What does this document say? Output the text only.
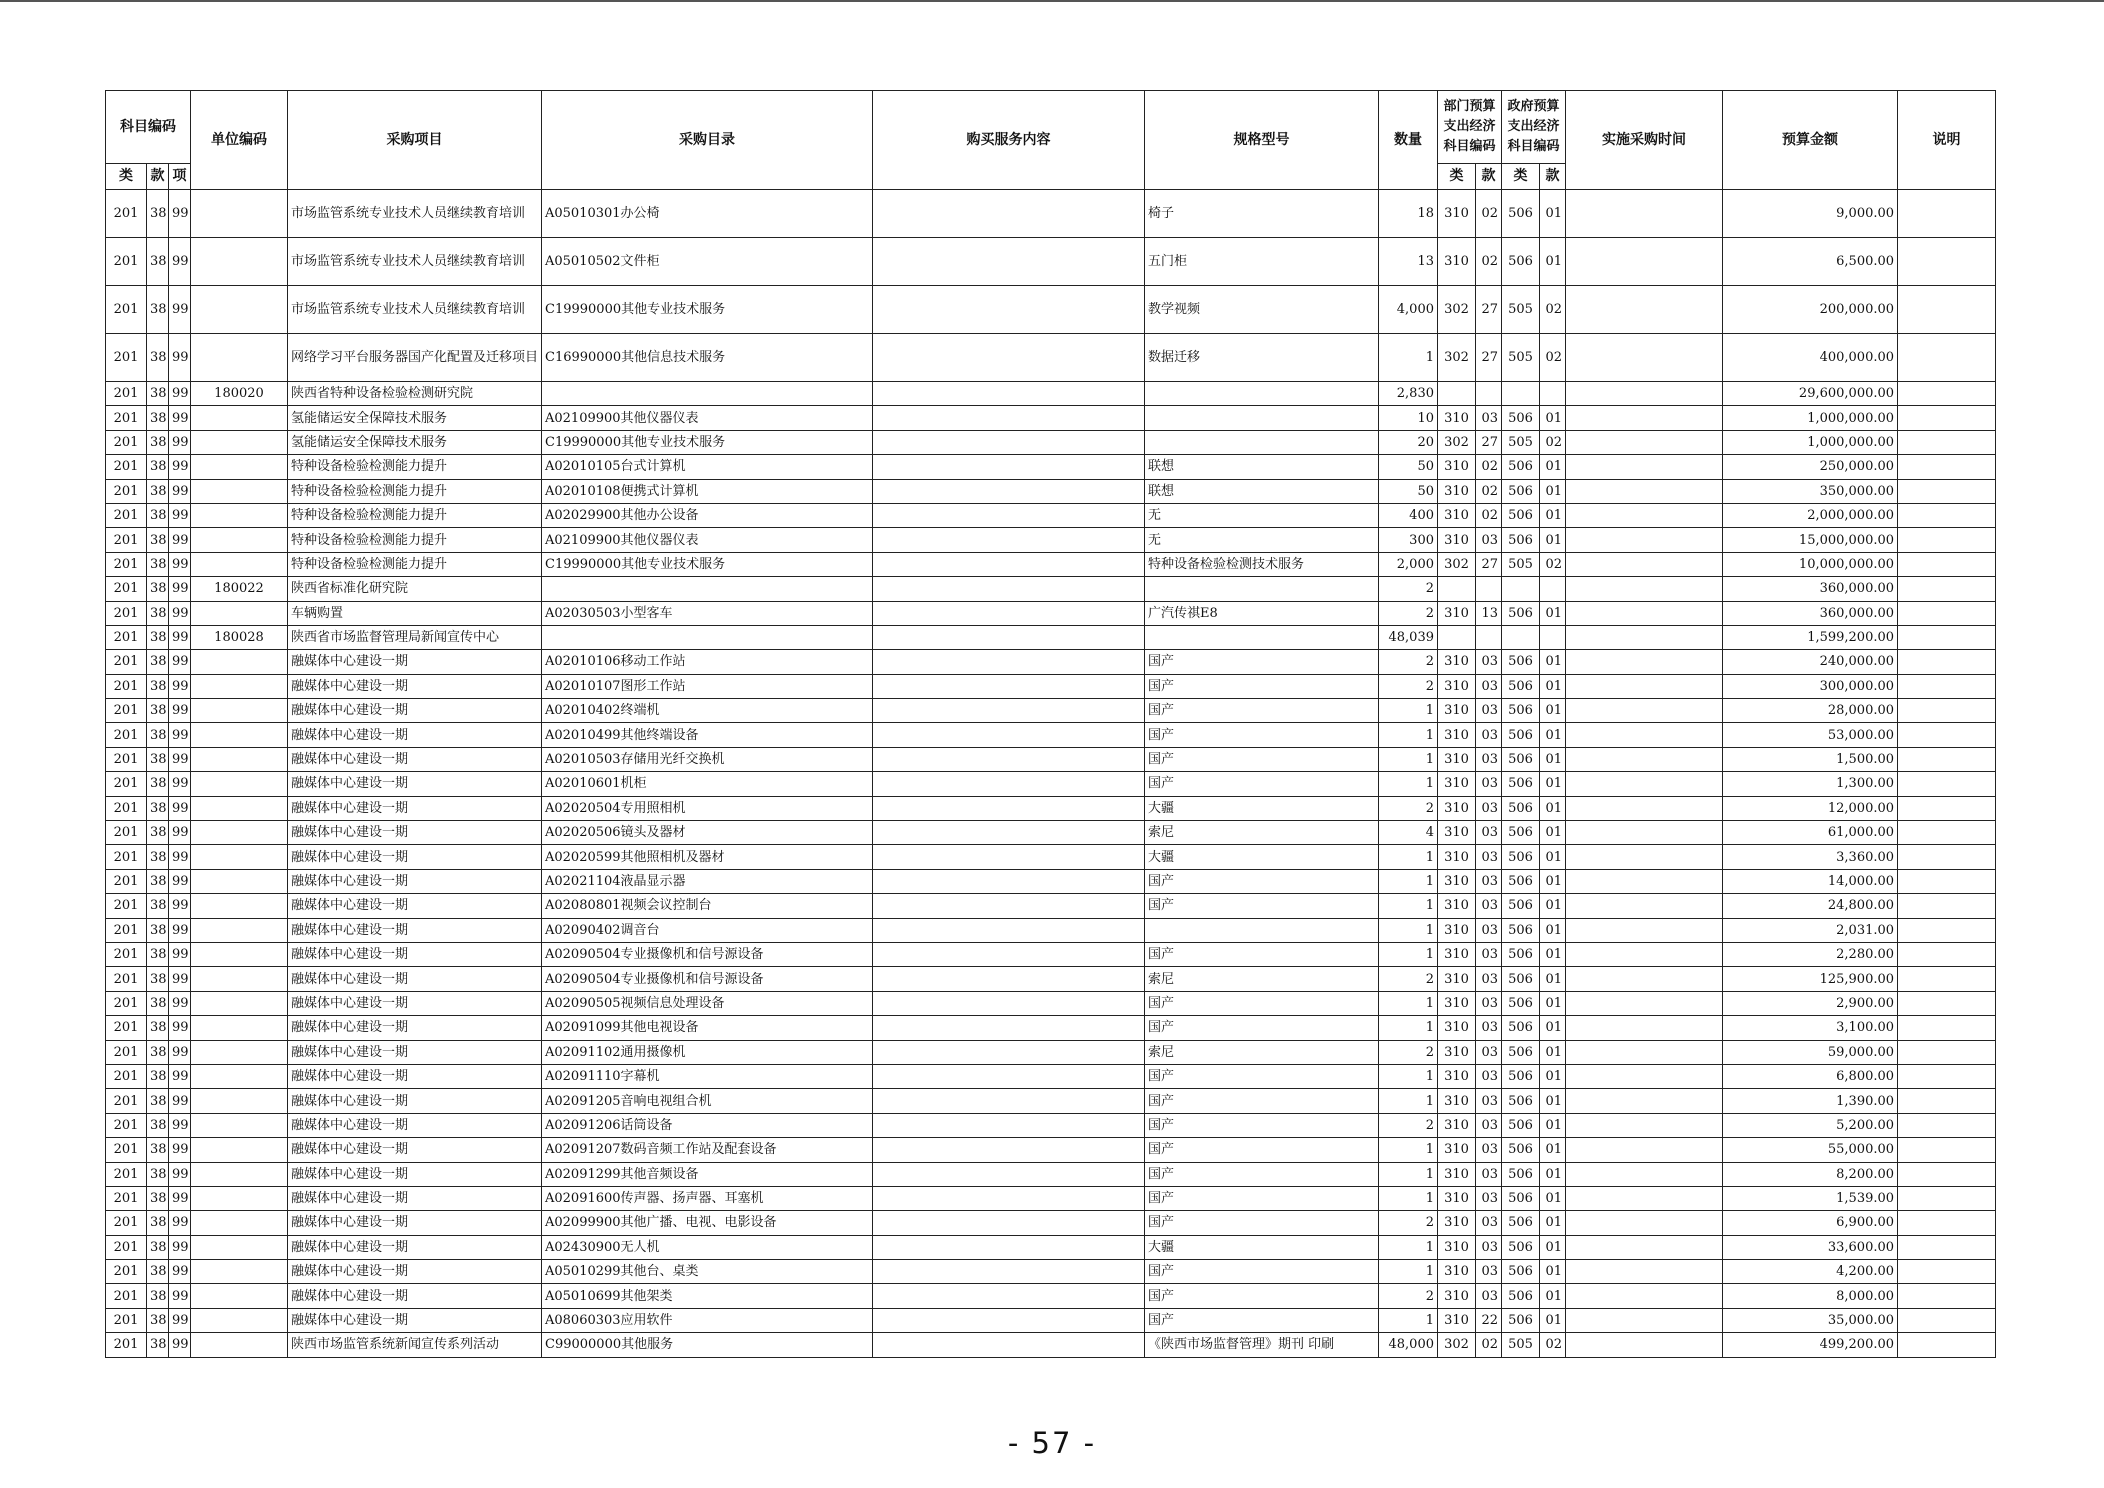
科目编码			单位编码	采购项目	采购目录	购买服务内容	规格型号	数量	部门预算支出经济科目编码		政府预算支出经济科目编码		实施采购时间	预算金额	说明
类	款	项							类	款	类	款			
201	38	99		市场监管系统专业技术人员继续教育培训	A05010301办公椅		椅子	18	310	02	506	01		9,000.00	
201	38	99		市场监管系统专业技术人员继续教育培训	A05010502文件柜		五门柜	13	310	02	506	01		6,500.00	
201	38	99		市场监管系统专业技术人员继续教育培训	C19990000其他专业技术服务		教学视频	4,000	302	27	505	02		200,000.00	
201	38	99		网络学习平台服务器国产化配置及迁移项目	C16990000其他信息技术服务		数据迁移	1	302	27	505	02		400,000.00	
201	38	99	180020	陕西省特种设备检验检测研究院				2,830						29,600,000.00	
201	38	99		氢能储运安全保障技术服务	A02109900其他仪器仪表			10	310	03	506	01		1,000,000.00	
201	38	99		氢能储运安全保障技术服务	C19990000其他专业技术服务			20	302	27	505	02		1,000,000.00	
201	38	99		特种设备检验检测能力提升	A02010105台式计算机		联想	50	310	02	506	01		250,000.00	
201	38	99		特种设备检验检测能力提升	A02010108便携式计算机		联想	50	310	02	506	01		350,000.00	
201	38	99		特种设备检验检测能力提升	A02029900其他办公设备		无	400	310	02	506	01		2,000,000.00	
201	38	99		特种设备检验检测能力提升	A02109900其他仪器仪表		无	300	310	03	506	01		15,000,000.00	
201	38	99		特种设备检验检测能力提升	C19990000其他专业技术服务		特种设备检验检测技术服务	2,000	302	27	505	02		10,000,000.00	
201	38	99	180022	陕西省标准化研究院				2						360,000.00	
201	38	99		车辆购置	A02030503小型客车		广汽传祺E8	2	310	13	506	01		360,000.00	
201	38	99	180028	陕西省市场监督管理局新闻宣传中心				48,039						1,599,200.00	
201	38	99		融媒体中心建设一期	A02010106移动工作站		国产	2	310	03	506	01		240,000.00	
201	38	99		融媒体中心建设一期	A02010107图形工作站		国产	2	310	03	506	01		300,000.00	
201	38	99		融媒体中心建设一期	A02010402终端机		国产	1	310	03	506	01		28,000.00	
201	38	99		融媒体中心建设一期	A02010499其他终端设备		国产	1	310	03	506	01		53,000.00	
201	38	99		融媒体中心建设一期	A02010503存储用光纤交换机		国产	1	310	03	506	01		1,500.00	
201	38	99		融媒体中心建设一期	A02010601机柜		国产	1	310	03	506	01		1,300.00	
201	38	99		融媒体中心建设一期	A02020504专用照相机		大疆	2	310	03	506	01		12,000.00	
201	38	99		融媒体中心建设一期	A02020506镜头及器材		索尼	4	310	03	506	01		61,000.00	
201	38	99		融媒体中心建设一期	A02020599其他照相机及器材		大疆	1	310	03	506	01		3,360.00	
201	38	99		融媒体中心建设一期	A02021104液晶显示器		国产	1	310	03	506	01		14,000.00	
201	38	99		融媒体中心建设一期	A02080801视频会议控制台		国产	1	310	03	506	01		24,800.00	
201	38	99		融媒体中心建设一期	A02090402调音台			1	310	03	506	01		2,031.00	
201	38	99		融媒体中心建设一期	A02090504专业摄像机和信号源设备		国产	1	310	03	506	01		2,280.00	
201	38	99		融媒体中心建设一期	A02090504专业摄像机和信号源设备		索尼	2	310	03	506	01		125,900.00	
201	38	99		融媒体中心建设一期	A02090505视频信息处理设备		国产	1	310	03	506	01		2,900.00	
201	38	99		融媒体中心建设一期	A02091099其他电视设备		国产	1	310	03	506	01		3,100.00	
201	38	99		融媒体中心建设一期	A02091102通用摄像机		索尼	2	310	03	506	01		59,000.00	
201	38	99		融媒体中心建设一期	A02091110字幕机		国产	1	310	03	506	01		6,800.00	
201	38	99		融媒体中心建设一期	A02091205音响电视组合机		国产	1	310	03	506	01		1,390.00	
201	38	99		融媒体中心建设一期	A02091206话筒设备		国产	2	310	03	506	01		5,200.00	
201	38	99		融媒体中心建设一期	A02091207数码音频工作站及配套设备		国产	1	310	03	506	01		55,000.00	
201	38	99		融媒体中心建设一期	A02091299其他音频设备		国产	1	310	03	506	01		8,200.00	
201	38	99		融媒体中心建设一期	A02091600传声器、扬声器、耳塞机		国产	1	310	03	506	01		1,539.00	
201	38	99		融媒体中心建设一期	A02099900其他广播、电视、电影设备		国产	2	310	03	506	01		6,900.00	
201	38	99		融媒体中心建设一期	A02430900无人机		大疆	1	310	03	506	01		33,600.00	
201	38	99		融媒体中心建设一期	A05010299其他台、桌类		国产	1	310	03	506	01		4,200.00	
201	38	99		融媒体中心建设一期	A05010699其他架类		国产	2	310	03	506	01		8,000.00	
201	38	99		融媒体中心建设一期	A08060303应用软件		国产	1	310	22	506	01		35,000.00	
201	38	99		陕西市场监管系统新闻宣传系列活动	C99000000其他服务		《陕西市场监督管理》期刊 印刷	48,000	302	02	505	02		499,200.00	
- 57 -
